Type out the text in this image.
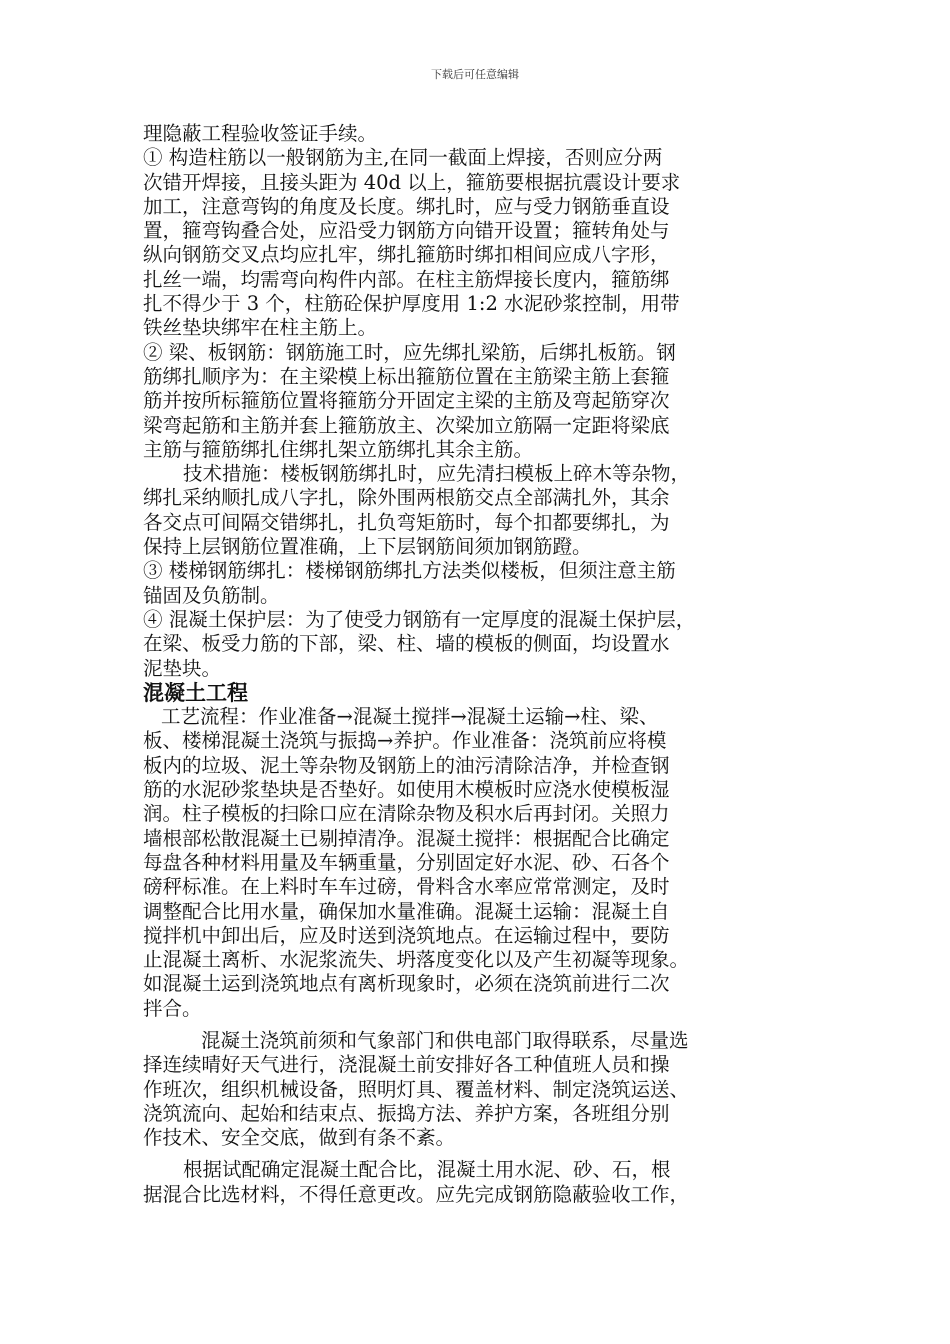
下载后可任意编辑
理隐蔽工程验收签证手续。
① 构造柱筋以一般钢筋为主,在同一截面上焊接，否则应分两
次错开焊接，且接头距为 40d 以上，箍筋要根据抗震设计要求
加工，注意弯钩的角度及长度。绑扎时，应与受力钢筋垂直设
置，箍弯钩叠合处，应沿受力钢筋方向错开设置；箍转角处与
纵向钢筋交叉点均应扎牢，绑扎箍筋时绑扣相间应成八字形，
扎丝一端，均需弯向构件内部。在柱主筋焊接长度内，箍筋绑
扎不得少于 3 个，柱筋砼保护厚度用 1:2 水泥砂浆控制，用带
铁丝垫块绑牢在柱主筋上。
② 梁、板钢筋：钢筋施工时，应先绑扎梁筋，后绑扎板筋。钢
筋绑扎顺序为：在主梁模上标出箍筋位置在主筋梁主筋上套箍
筋并按所标箍筋位置将箍筋分开固定主梁的主筋及弯起筋穿次
梁弯起筋和主筋并套上箍筋放主、次梁加立筋隔一定距将梁底
主筋与箍筋绑扎住绑扎架立筋绑扎其余主筋。
技术措施：楼板钢筋绑扎时，应先清扫模板上碎木等杂物，
绑扎采纳顺扎成八字扎，除外围两根筋交点全部满扎外，其余
各交点可间隔交错绑扎，扎负弯矩筋时，每个扣都要绑扎，为
保持上层钢筋位置准确，上下层钢筋间须加钢筋蹬。
③ 楼梯钢筋绑扎：楼梯钢筋绑扎方法类似楼板，但须注意主筋
锚固及负筋制。
④ 混凝土保护层：为了使受力钢筋有一定厚度的混凝土保护层，
在梁、板受力筋的下部，梁、柱、墙的模板的侧面，均设置水
泥垫块。
混凝土工程
工艺流程：作业准备→混凝土搅拌→混凝土运输→柱、梁、
板、楼梯混凝土浇筑与振捣→养护。作业准备：浇筑前应将模
板内的垃圾、泥土等杂物及钢筋上的油污清除洁净，并检查钢
筋的水泥砂浆垫块是否垫好。如使用木模板时应浇水使模板湿
润。柱子模板的扫除口应在清除杂物及积水后再封闭。关照力
墙根部松散混凝土已剔掉清净。混凝土搅拌：根据配合比确定
每盘各种材料用量及车辆重量，分别固定好水泥、砂、石各个
磅秤标准。在上料时车车过磅，骨料含水率应常常测定，及时
调整配合比用水量，确保加水量准确。混凝土运输：混凝土自
搅拌机中卸出后，应及时送到浇筑地点。在运输过程中，要防
止混凝土离析、水泥浆流失、坍落度变化以及产生初凝等现象。
如混凝土运到浇筑地点有离析现象时，必须在浇筑前进行二次
拌合。
混凝土浇筑前须和气象部门和供电部门取得联系，尽量选
择连续晴好天气进行，浇混凝土前安排好各工种值班人员和操
作班次，组织机械设备，照明灯具、覆盖材料、制定浇筑运送、
浇筑流向、起始和结束点、振捣方法、养护方案，各班组分别
作技术、安全交底，做到有条不紊。
根据试配确定混凝土配合比，混凝土用水泥、砂、石，根
据混合比选材料，不得任意更改。应先完成钢筋隐蔽验收工作，
